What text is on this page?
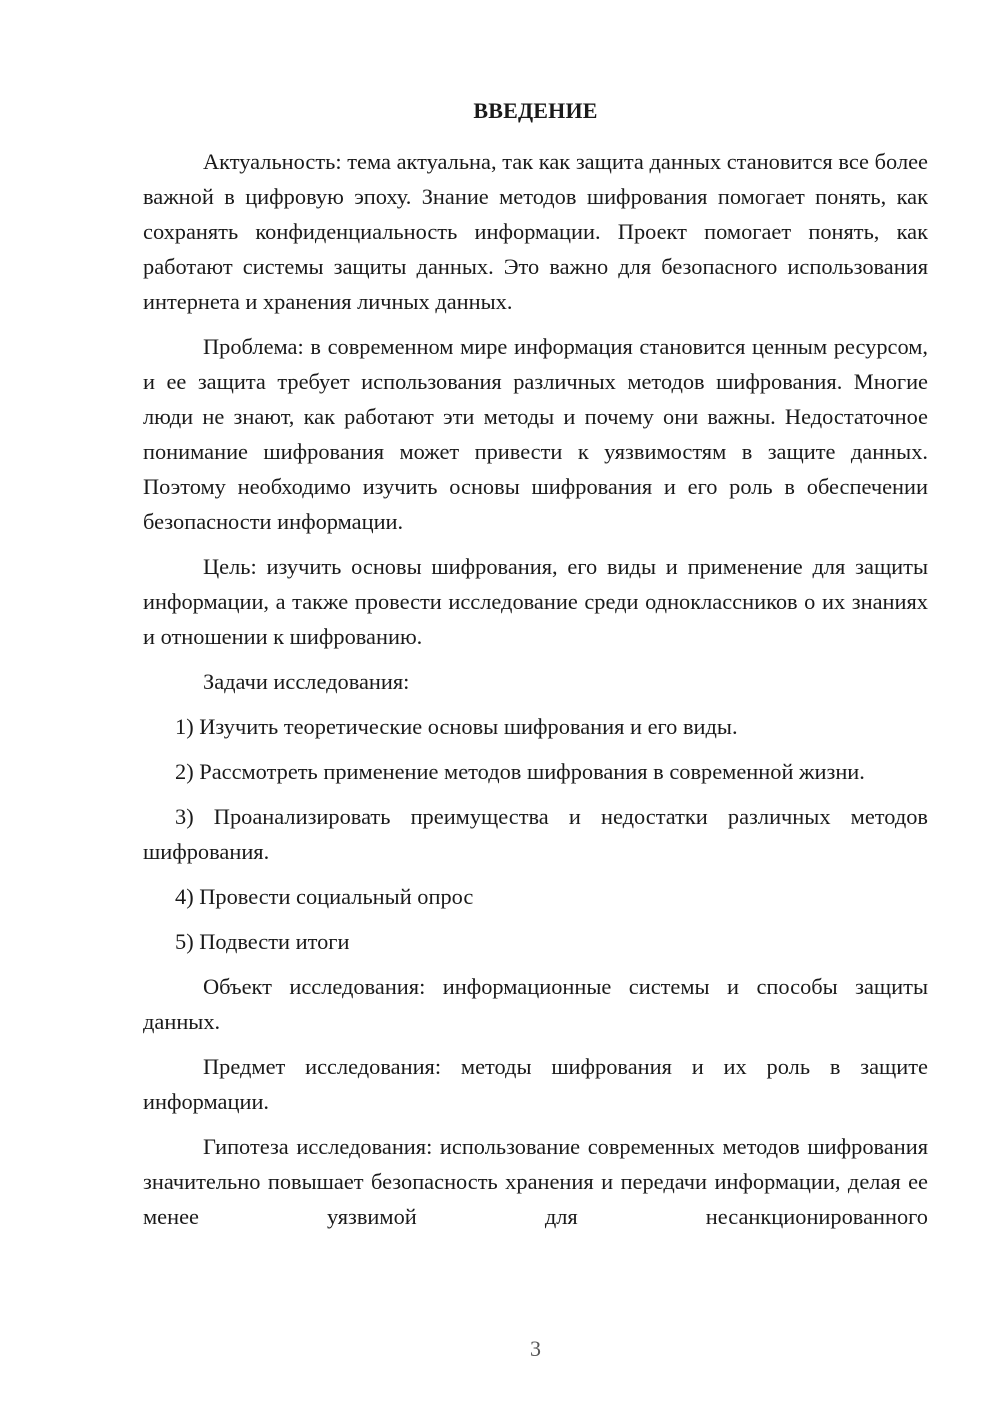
ВВЕДЕНИЕ

Актуальность: тема актуальна, так как защита данных становится все более важной в цифровую эпоху. Знание методов шифрования помогает понять, как сохранять конфиденциальность информации. Проект помогает понять, как работают системы защиты данных. Это важно для безопасного использования интернета и хранения личных данных.

Проблема: в современном мире информация становится ценным ресурсом, и ее защита требует использования различных методов шифрования. Многие люди не знают, как работают эти методы и почему они важны. Недостаточное понимание шифрования может привести к уязвимостям в защите данных. Поэтому необходимо изучить основы шифрования и его роль в обеспечении безопасности информации.

Цель: изучить основы шифрования, его виды и применение для защиты информации, а также провести исследование среди одноклассников о их знаниях и отношении к шифрованию.

Задачи исследования:

1) Изучить теоретические основы шифрования и его виды.

2) Рассмотреть применение методов шифрования в современной жизни.

3) Проанализировать преимущества и недостатки различных методов шифрования.

4) Провести социальный опрос

5) Подвести итоги

Объект исследования: информационные системы и способы защиты данных.

Предмет исследования: методы шифрования и их роль в защите информации.

Гипотеза исследования: использование современных методов шифрования значительно повышает безопасность хранения и передачи информации, делая ее менее уязвимой для несанкционированного

3
